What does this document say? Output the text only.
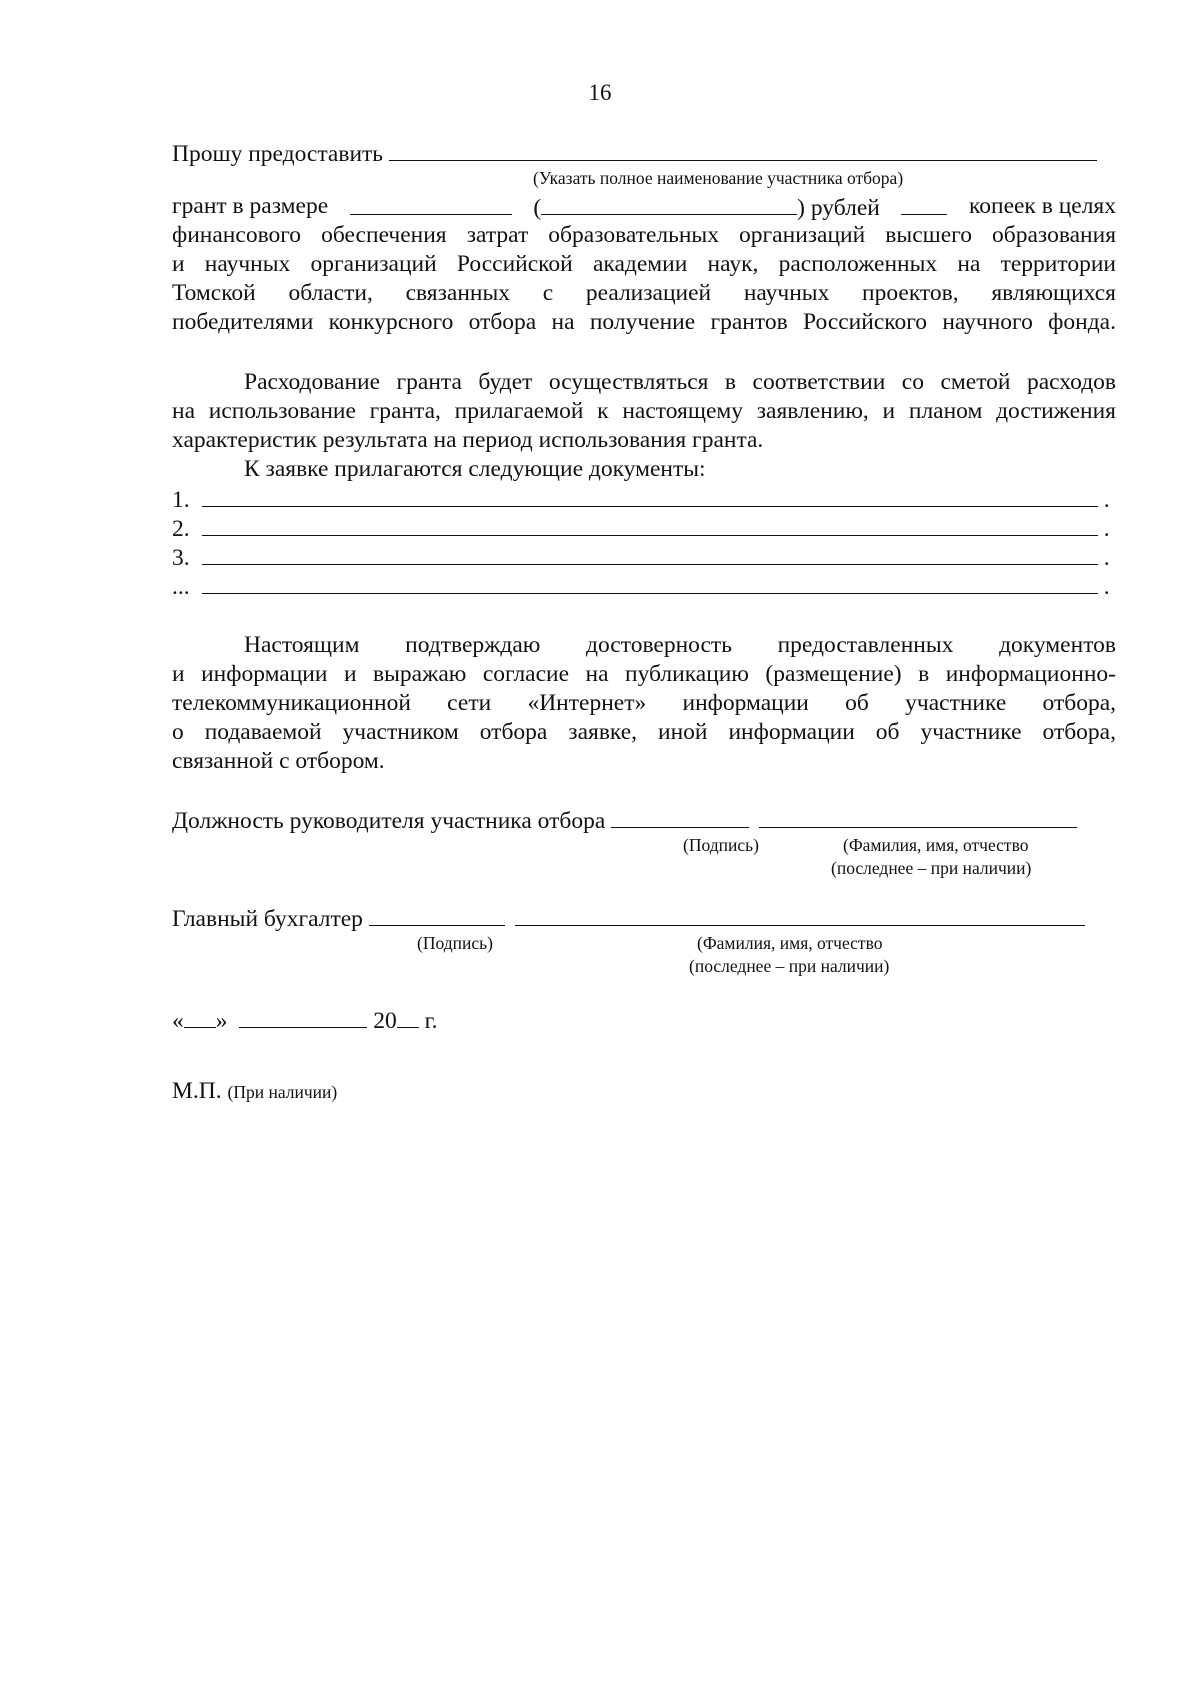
16
Прошу предоставить
(Указать полное наименование участника отбора)
грант в размере	(	) рублей	копеек в целях
финансового обеспечения затрат образовательных организаций высшего образования
и научных организаций Российской академии наук, расположенных на территории
Томской области, связанных с реализацией научных проектов, являющихся
победителями конкурсного отбора на получение грантов Российского научного фонда.
Расходование гранта будет осуществляться в соответствии со сметой расходов
на использование гранта, прилагаемой к настоящему заявлению, и планом достижения
характеристик результата на период использования гранта.
К заявке прилагаются следующие документы:
1.	.
2.	.
3.	.
...	.
Настоящим подтверждаю достоверность предоставленных документов
и информации и выражаю согласие на публикацию (размещение) в информационно-
телекоммуникационной сети «Интернет» информации об участнике отбора,
о подаваемой участником отбора заявке, иной информации об участнике отбора,
связанной с отбором.
Должность руководителя участника отбора
(Подпись)	(Фамилия, имя, отчество
(последнее – при наличии)
Главный бухгалтер
(Подпись)	(Фамилия, имя, отчество
(последнее – при наличии)
« »	20 г.
М.П. (При наличии)
